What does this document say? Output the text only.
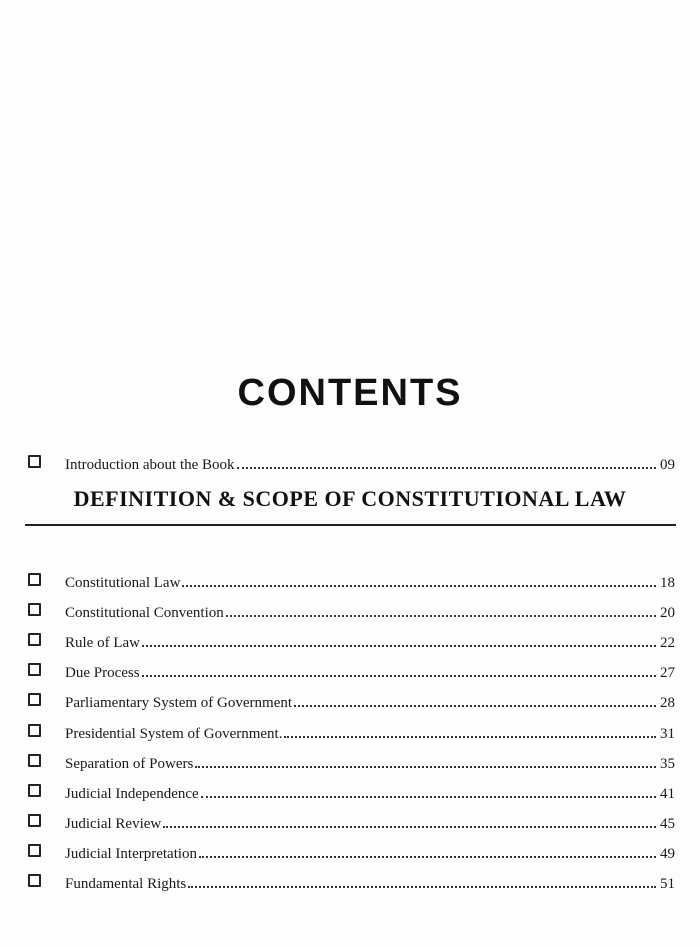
CONTENTS
Introduction about the Book	09
DEFINITION & SCOPE OF CONSTITUTIONAL LAW
Constitutional Law	18
Constitutional Convention	20
Rule of Law	22
Due Process	27
Parliamentary System of Government	28
Presidential System of Government.	31
Separation of Powers	35
Judicial Independence	41
Judicial Review	45
Judicial Interpretation	49
Fundamental Rights	51
